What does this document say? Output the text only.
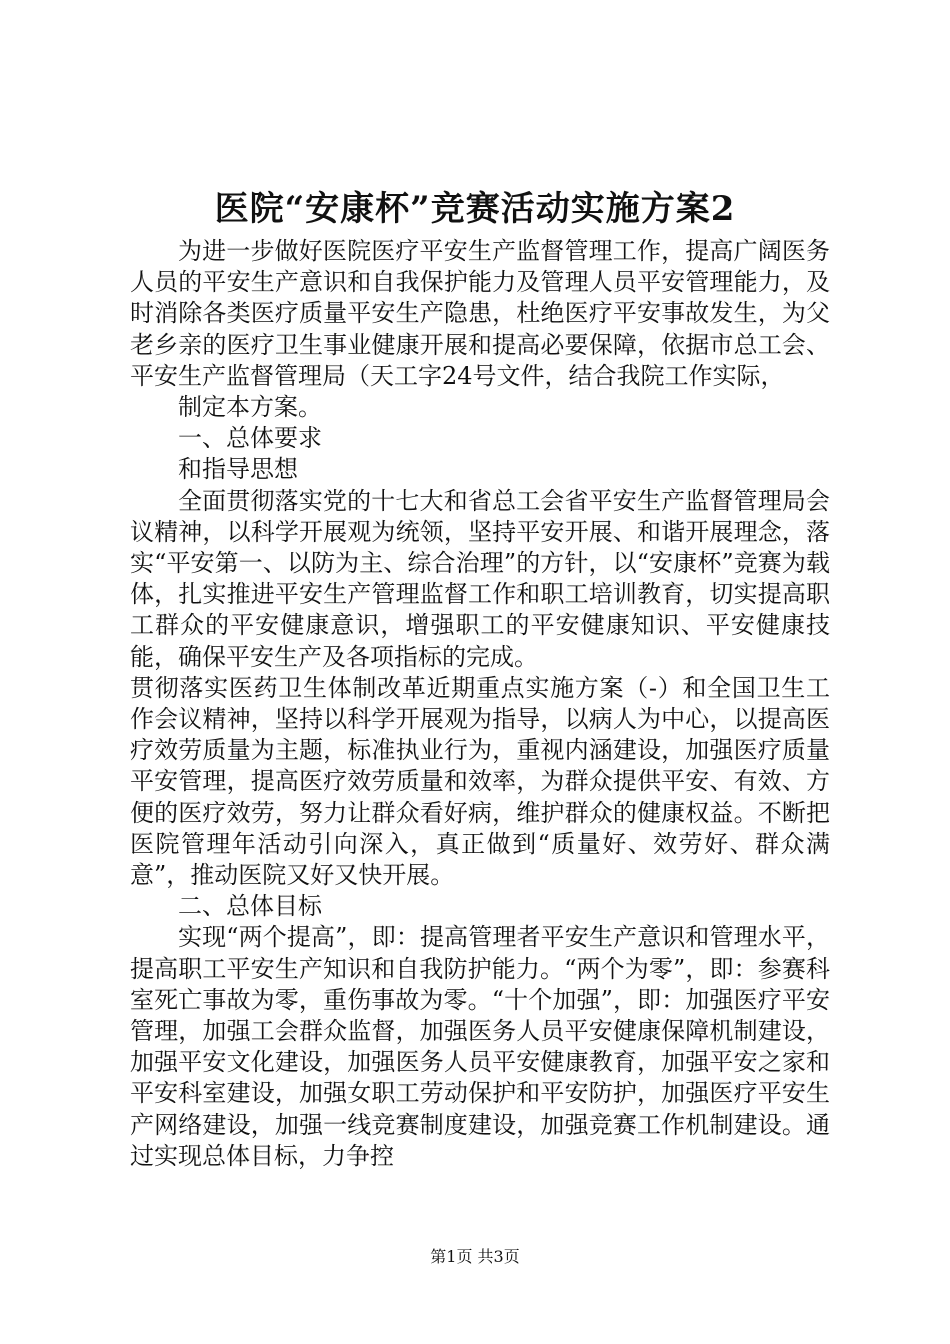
医院“安康杯”竞赛活动实施方案2

为进一步做好医院医疗平安生产监督管理工作，提高广阔医务人员的平安生产意识和自我保护能力及管理人员平安管理能力，及时消除各类医疗质量平安生产隐患，杜绝医疗平安事故发生，为父老乡亲的医疗卫生事业健康开展和提高必要保障，依据市总工会、平安生产监督管理局（天工字24号文件，结合我院工作实际，

制定本方案。

一、总体要求

和指导思想

全面贯彻落实党的十七大和省总工会省平安生产监督管理局会议精神，以科学开展观为统领，坚持平安开展、和谐开展理念，落实“平安第一、以防为主、综合治理”的方针，以“安康杯”竞赛为载体，扎实推进平安生产管理监督工作和职工培训教育，切实提高职工群众的平安健康意识，增强职工的平安健康知识、平安健康技能，确保平安生产及各项指标的完成。

贯彻落实医药卫生体制改革近期重点实施方案（-）和全国卫生工作会议精神，坚持以科学开展观为指导，以病人为中心，以提高医疗效劳质量为主题，标准执业行为，重视内涵建设，加强医疗质量平安管理，提高医疗效劳质量和效率，为群众提供平安、有效、方便的医疗效劳，努力让群众看好病，维护群众的健康权益。不断把医院管理年活动引向深入，真正做到“质量好、效劳好、群众满意”，推动医院又好又快开展。

二、总体目标

实现“两个提高”，即：提高管理者平安生产意识和管理水平，提高职工平安生产知识和自我防护能力。“两个为零”，即：参赛科室死亡事故为零，重伤事故为零。“十个加强”，即：加强医疗平安管理，加强工会群众监督，加强医务人员平安健康保障机制建设，加强平安文化建设，加强医务人员平安健康教育，加强平安之家和平安科室建设，加强女职工劳动保护和平安防护，加强医疗平安生产网络建设，加强一线竞赛制度建设，加强竞赛工作机制建设。通过实现总体目标，力争控

第1页 共3页
